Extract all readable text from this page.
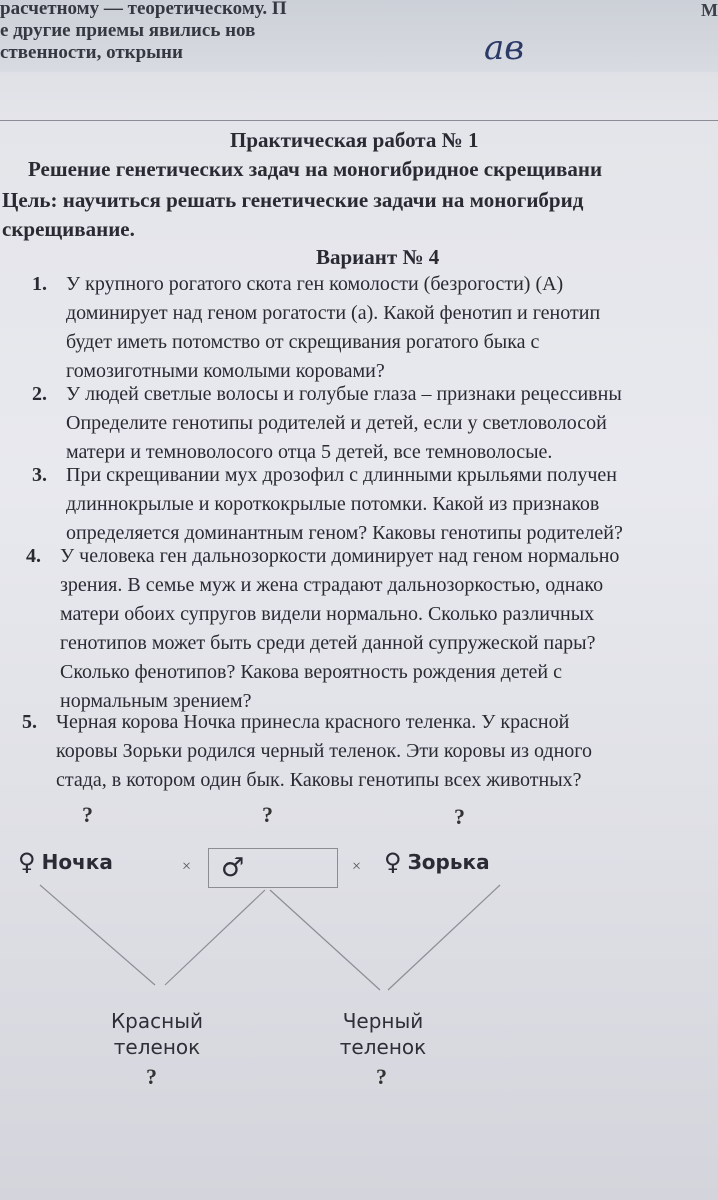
расчетному — теоретическому. П
е другие приемы явились нов
ственности, открыни	ав
М
Практическая работа № 1
Решение генетических задач на моногибридное скрещивани
Цель: научиться решать генетические задачи на моногибрид
скрещивание.
Вариант № 4
1. У крупного рогатого скота ген комолости (безрогости) (А)
доминирует над геном рогатости (а). Какой фенотип и генотип
будет иметь потомство от скрещивания рогатого быка с
гомозиготными комолыми коровами?
2. У людей светлые волосы и голубые глаза – признаки рецессивны
Определите генотипы родителей и детей, если у светловолосой
матери и темноволосого отца 5 детей, все темноволосые.
3. При скрещивании мух дрозофил с длинными крыльями получен
длиннокрылые и короткокрылые потомки. Какой из признаков
определяется доминантным геном? Каковы генотипы родителей?
4. У человека ген дальнозоркости доминирует над геном нормально
зрения. В семье муж и жена страдают дальнозоркостью, однако
матери обоих супругов видели нормально. Сколько различных
генотипов может быть среди детей данной супружеской пары?
Сколько фенотипов? Какова вероятность рождения детей с
нормальным зрением?
5. Черная корова Ночка принесла красного теленка. У красной
коровы Зорьки родился черный теленок. Эти коровы из одного
стада, в котором один бык. Каковы генотипы всех животных?
?	?	?
♀ Ночка	× ♂	× ♀ Зорька
Красный
теленок
Черный
теленок
?	?
